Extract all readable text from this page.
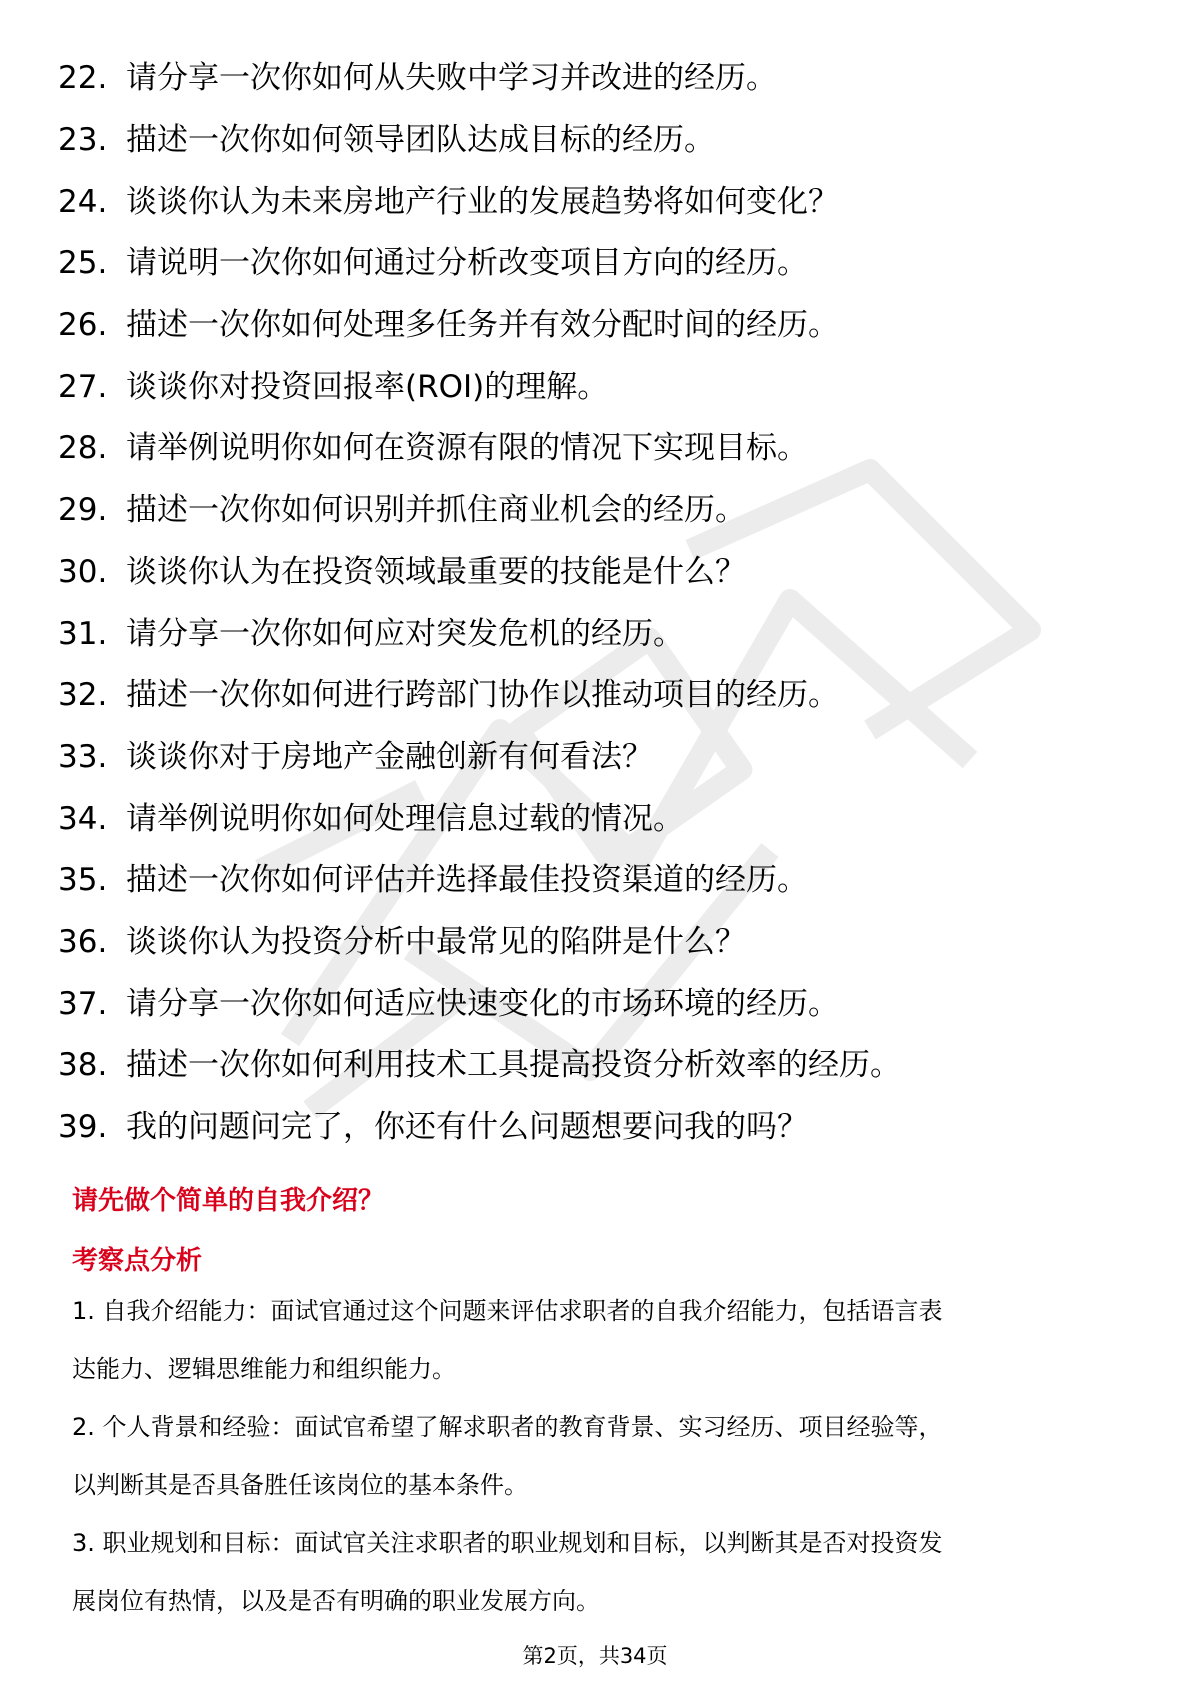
22. 请分享一次你如何从失败中学习并改进的经历。
23. 描述一次你如何领导团队达成目标的经历。
24. 谈谈你认为未来房地产行业的发展趋势将如何变化？
25. 请说明一次你如何通过分析改变项目方向的经历。
26. 描述一次你如何处理多任务并有效分配时间的经历。
27. 谈谈你对投资回报率(ROI)的理解。
28. 请举例说明你如何在资源有限的情况下实现目标。
29. 描述一次你如何识别并抓住商业机会的经历。
30. 谈谈你认为在投资领域最重要的技能是什么？
31. 请分享一次你如何应对突发危机的经历。
32. 描述一次你如何进行跨部门协作以推动项目的经历。
33. 谈谈你对于房地产金融创新有何看法？
34. 请举例说明你如何处理信息过载的情况。
35. 描述一次你如何评估并选择最佳投资渠道的经历。
36. 谈谈你认为投资分析中最常见的陷阱是什么？
37. 请分享一次你如何适应快速变化的市场环境的经历。
38. 描述一次你如何利用技术工具提高投资分析效率的经历。
39. 我的问题问完了，你还有什么问题想要问我的吗？
请先做个简单的自我介绍？
考察点分析

1. 自我介绍能力：面试官通过这个问题来评估求职者的自我介绍能力，包括语言表

达能力、逻辑思维能力和组织能力。

2. 个人背景和经验：面试官希望了解求职者的教育背景、实习经历、项目经验等，

以判断其是否具备胜任该岗位的基本条件。

3. 职业规划和目标：面试官关注求职者的职业规划和目标，以判断其是否对投资发

展岗位有热情，以及是否有明确的职业发展方向。

第2页，共34页
